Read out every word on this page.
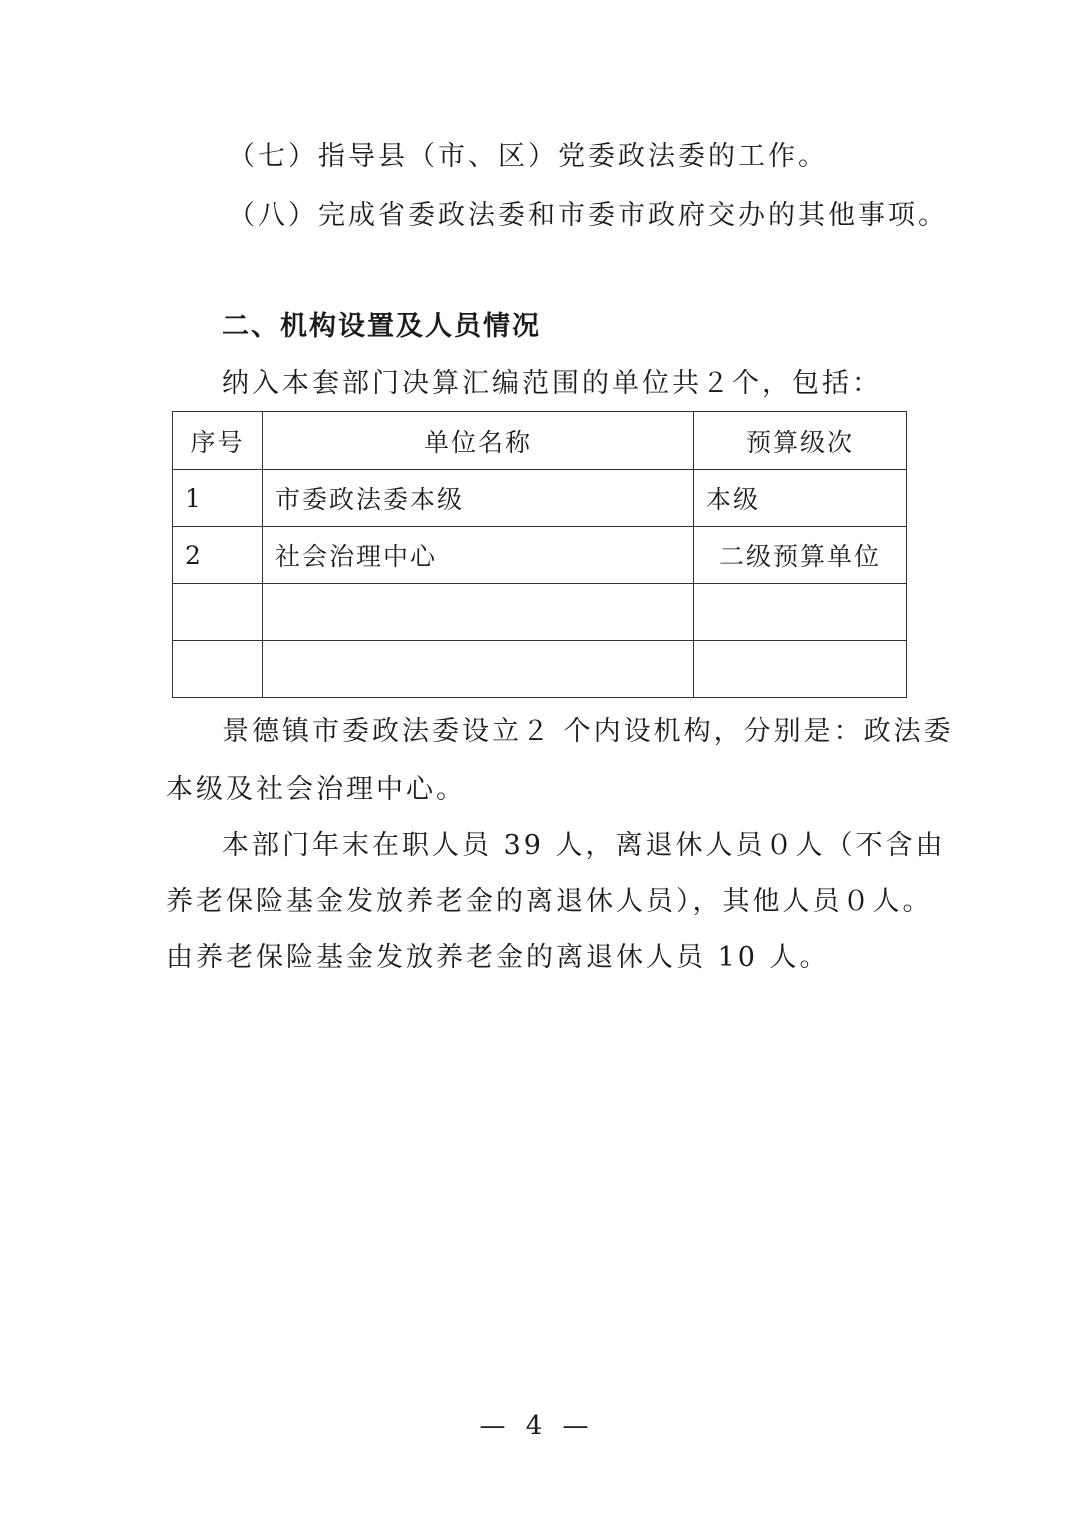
（七）指导县（市、区）党委政法委的工作。
（八）完成省委政法委和市委市政府交办的其他事项。
二、机构设置及人员情况
纳入本套部门决算汇编范围的单位共２个，包括：
序号	单位名称	预算级次
1	市委政法委本级	本级
2	社会治理中心	二级预算单位

景德镇市委政法委设立２ 个内设机构，分别是：政法委
本级及社会治理中心。
本部门年末在职人员 39 人，离退休人员０人（不含由
养老保险基金发放养老金的离退休人员），其他人员０人。
由养老保险基金发放养老金的离退休人员 10 人。
— 4 —
